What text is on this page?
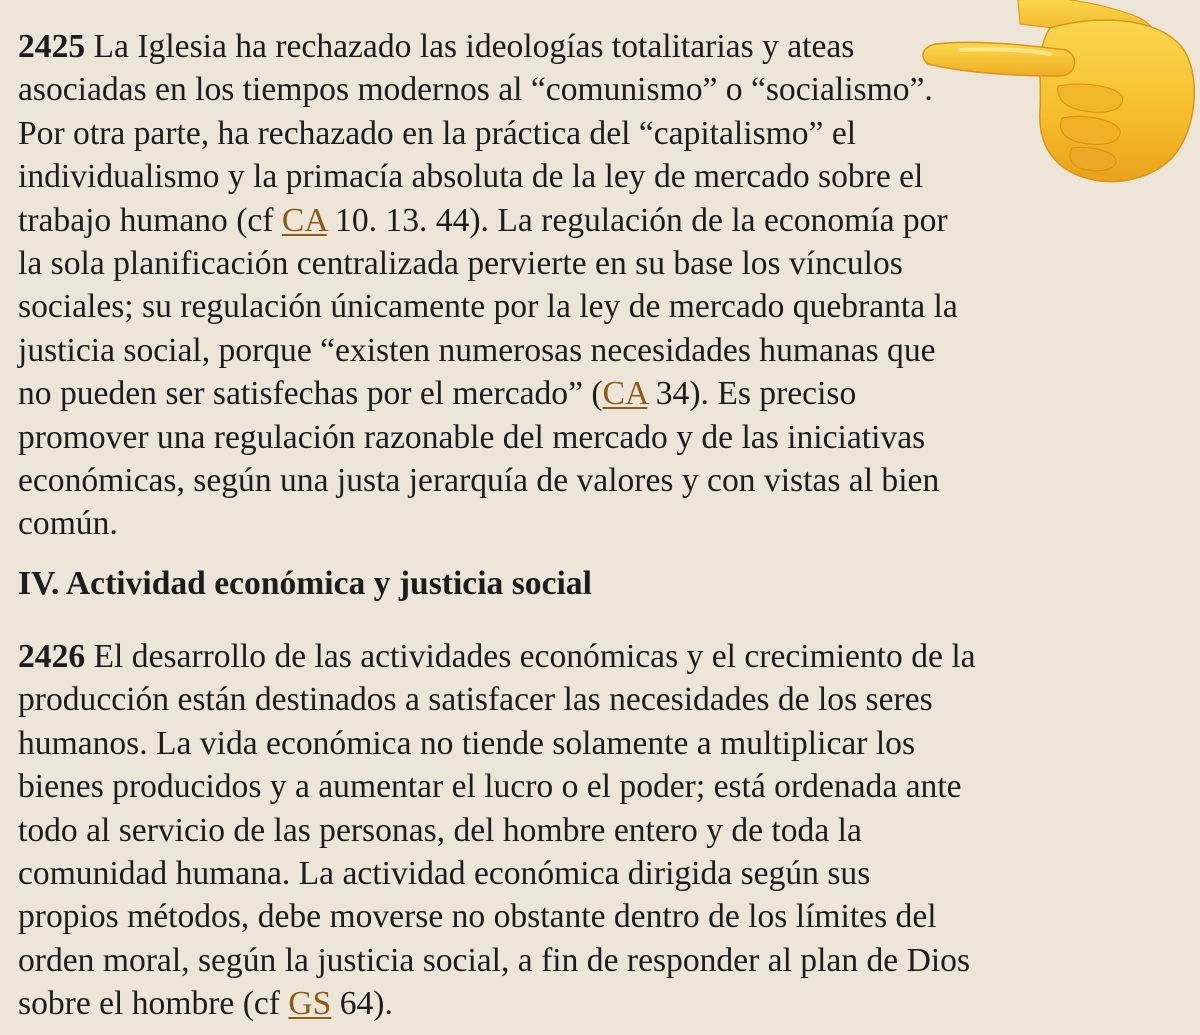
2425 La Iglesia ha rechazado las ideologías totalitarias y ateas
asociadas en los tiempos modernos al “comunismo” o “socialismo”.
Por otra parte, ha rechazado en la práctica del “capitalismo” el
individualismo y la primacía absoluta de la ley de mercado sobre el
trabajo humano (cf CA 10. 13. 44). La regulación de la economía por
la sola planificación centralizada pervierte en su base los vínculos
sociales; su regulación únicamente por la ley de mercado quebranta la
justicia social, porque “existen numerosas necesidades humanas que
no pueden ser satisfechas por el mercado” (CA 34). Es preciso
promover una regulación razonable del mercado y de las iniciativas
económicas, según una justa jerarquía de valores y con vistas al bien
común.

IV. Actividad económica y justicia social

2426 El desarrollo de las actividades económicas y el crecimiento de la
producción están destinados a satisfacer las necesidades de los seres
humanos. La vida económica no tiende solamente a multiplicar los
bienes producidos y a aumentar el lucro o el poder; está ordenada ante
todo al servicio de las personas, del hombre entero y de toda la
comunidad humana. La actividad económica dirigida según sus
propios métodos, debe moverse no obstante dentro de los límites del
orden moral, según la justicia social, a fin de responder al plan de Dios
sobre el hombre (cf GS 64).
